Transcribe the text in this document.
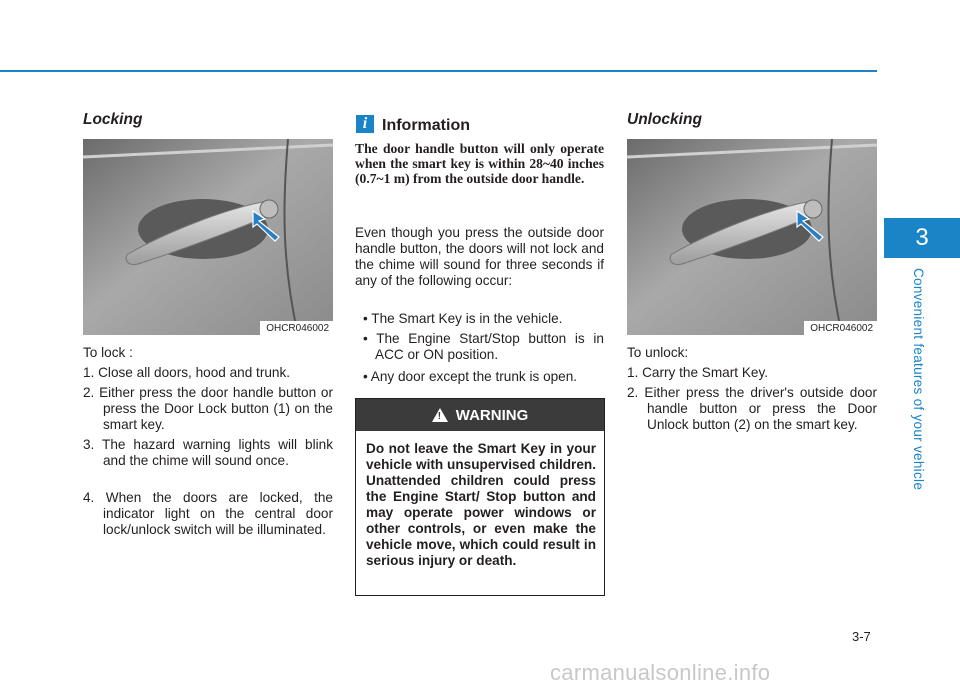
3
Convenient features of your vehicle
Locking
OHCR046002
To lock :
1. Close all doors, hood and trunk.
2. Either press the door handle button or press the Door Lock button (1) on the smart key.
3. The hazard warning lights will blink and the chime will sound once.
4. When the doors are locked, the indicator light on the central door lock/unlock switch will be illuminated.
i Information
The door handle button will only operate when the smart key is within 28~40 inches (0.7~1 m) from the outside door handle.
Even though you press the outside door handle button, the doors will not lock and the chime will sound for three seconds if any of the following occur:
• The Smart Key is in the vehicle.
• The Engine Start/Stop button is in ACC or ON position.
• Any door except the trunk is open.
! WARNING
Do not leave the Smart Key in your vehicle with unsupervised children. Unattended children could press the Engine Start/ Stop button and may operate power windows or other controls, or even make the vehicle move, which could result in serious injury or death.
Unlocking
OHCR046002
To unlock:
1. Carry the Smart Key.
2. Either press the driver's outside door handle button or press the Door Unlock button (2) on the smart key.
3-7
carmanualsonline.info
